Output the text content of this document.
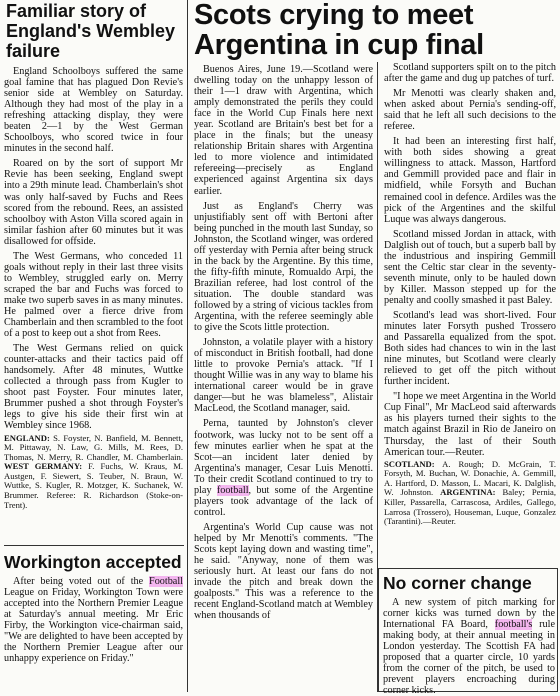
Familiar story of England's Wembley failure

England Schoolboys suffered the same goal famine that has plagued Don Revie's senior side at Wembley on Saturday. Although they had most of the play in a refreshing attacking display, they were beaten 2—1 by the West German Schoolboys, who scored twice in four minutes in the second half.

Roared on by the sort of support Mr Revie has been seeking, England swept into a 29th minute lead. Chamberlain's shot was only half-saved by Fuchs and Rees scored from the rebound. Rees, an assisted schoolboy with Aston Villa scored again in similar fashion after 60 minutes but it was disallowed for offside.

The West Germans, who conceded 11 goals without reply in their last three visits to Wembley, struggled early on. Merry scraped the bar and Fuchs was forced to make two superb saves in as many minutes. He palmed over a fierce drive from Chamberlain and then scrambled to the foot of a post to keep out a shot from Rees.

The West Germans relied on quick counter-attacks and their tactics paid off handsomely. After 48 minutes, Wuttke collected a through pass from Kugler to shoot past Foyster. Four minutes later, Brummer pushed a shot through Foyster's legs to give his side their first win at Wembley since 1968.

ENGLAND: S. Foyster, N. Banfield, M. Bennett, M. Pittaway, N. Law, G. Mills, M. Rees, D. Thomas, N. Merry, R. Chandler, M. Chamberlain. WEST GERMANY: F. Fuchs, W. Kraus, M. Austgen, F. Siewert, S. Teuber, N. Braun, W. Wuttke, S. Kugler, R. Motzger, K. Suchanek, W. Brummer. Referee: R. Richardson (Stoke-on-Trent).
Workington accepted

After being voted out of the Football League on Friday, Workington Town were accepted into the Northern Premier League at Saturday's annual meeting. Mr Eric Firby, the Workington vice-chairman said, "We are delighted to have been accepted by the Northern Premier League after our unhappy experience on Friday."

Scots crying to meet Argentina in cup final

Buenos Aires, June 19.—Scotland were dwelling today on the unhappy lesson of their 1—1 draw with Argentina, which amply demonstrated the perils they could face in the World Cup Finals here next year. Scotland are Britain's best bet for a place in the finals; but the uneasy relationship Britain shares with Argentina led to more violence and intimidated refereeing—precisely as England experienced against Argentina six days earlier.

Just as England's Cherry was unjustifiably sent off with Bertoni after being punched in the mouth last Sunday, so Johnston, the Scotland winger, was ordered off yesterday with Pernia after being struck in the back by the Argentine. By this time, the fifty-fifth minute, Romualdo Arpi, the Brazilian referee, had lost control of the situation. The double standard was followed by a string of vicious tackles from Argentina, with the referee seemingly able to give the Scots little protection.

Johnston, a volatile player with a history of misconduct in British football, had done little to provoke Pernia's attack. "If I thought Willie was in any way to blame his international career would be in grave danger—but he was blameless", Alistair MacLeod, the Scotland manager, said.

Perna, taunted by Johnston's clever footwork, was lucky not to be sent off a few minutes earlier when he spat at the Scot—an incident later denied by Argentina's manager, Cesar Luis Menotti. To their credit Scotland continued to try to play football, but some of the Argentine players took advantage of the lack of control.

Argentina's World Cup cause was not helped by Mr Menotti's comments. "The Scots kept laying down and wasting time", he said. "Anyway, none of them was seriously hurt. At least our fans do not invade the pitch and break down the goalposts." This was a reference to the recent England-Scotland match at Wembley when thousands of

Scotland supporters spilt on to the pitch after the game and dug up patches of turf.

Mr Menotti was clearly shaken and, when asked about Pernia's sending-off, said that he left all such decisions to the referee.

It had been an interesting first half, with both sides showing a great willingness to attack. Masson, Hartford and Gemmill provided pace and flair in midfield, while Forsyth and Buchan remained cool in defence. Ardiles was the pick of the Argentines and the skilful Luque was always dangerous.

Scotland missed Jordan in attack, with Dalglish out of touch, but a superb ball by the industrious and inspiring Gemmill sent the Celtic star clear in the seventy-seventh minute, only to be hauled down by Killer. Masson stepped up for the penalty and coolly smashed it past Baley.

Scotland's lead was short-lived. Four minutes later Forsyth pushed Trossero and Passarella equalized from the spot. Both sides had chances to win in the last nine minutes, but Scotland were clearly relieved to get off the pitch without further incident.

"I hope we meet Argentina in the World Cup Final", Mr MacLeod said afterwards as his players turned their sights to the match against Brazil in Rio de Janeiro on Thursday, the last of their South American tour.—Reuter.

SCOTLAND: A. Rough; D. McGrain, T. Forsyth, M. Buchan, W. Donachie, A. Gemmill, A. Hartford, D. Masson, L. Macari, K. Dalglish, W. Johnston. ARGENTINA: Baley; Pernia, Killer, Passarella, Carrascosa, Ardiles, Gallego, Larrosa (Trossero), Houseman, Luque, Gonzalez (Tarantini).—Reuter.
No corner change

A new system of pitch marking for corner kicks was turned down by the International FA Board, football's rule making body, at their annual meeting in London yesterday. The Scottish FA had proposed that a quarter circle, 10 yards from the corner of the pitch, be used to prevent players encroaching during corner kicks.
